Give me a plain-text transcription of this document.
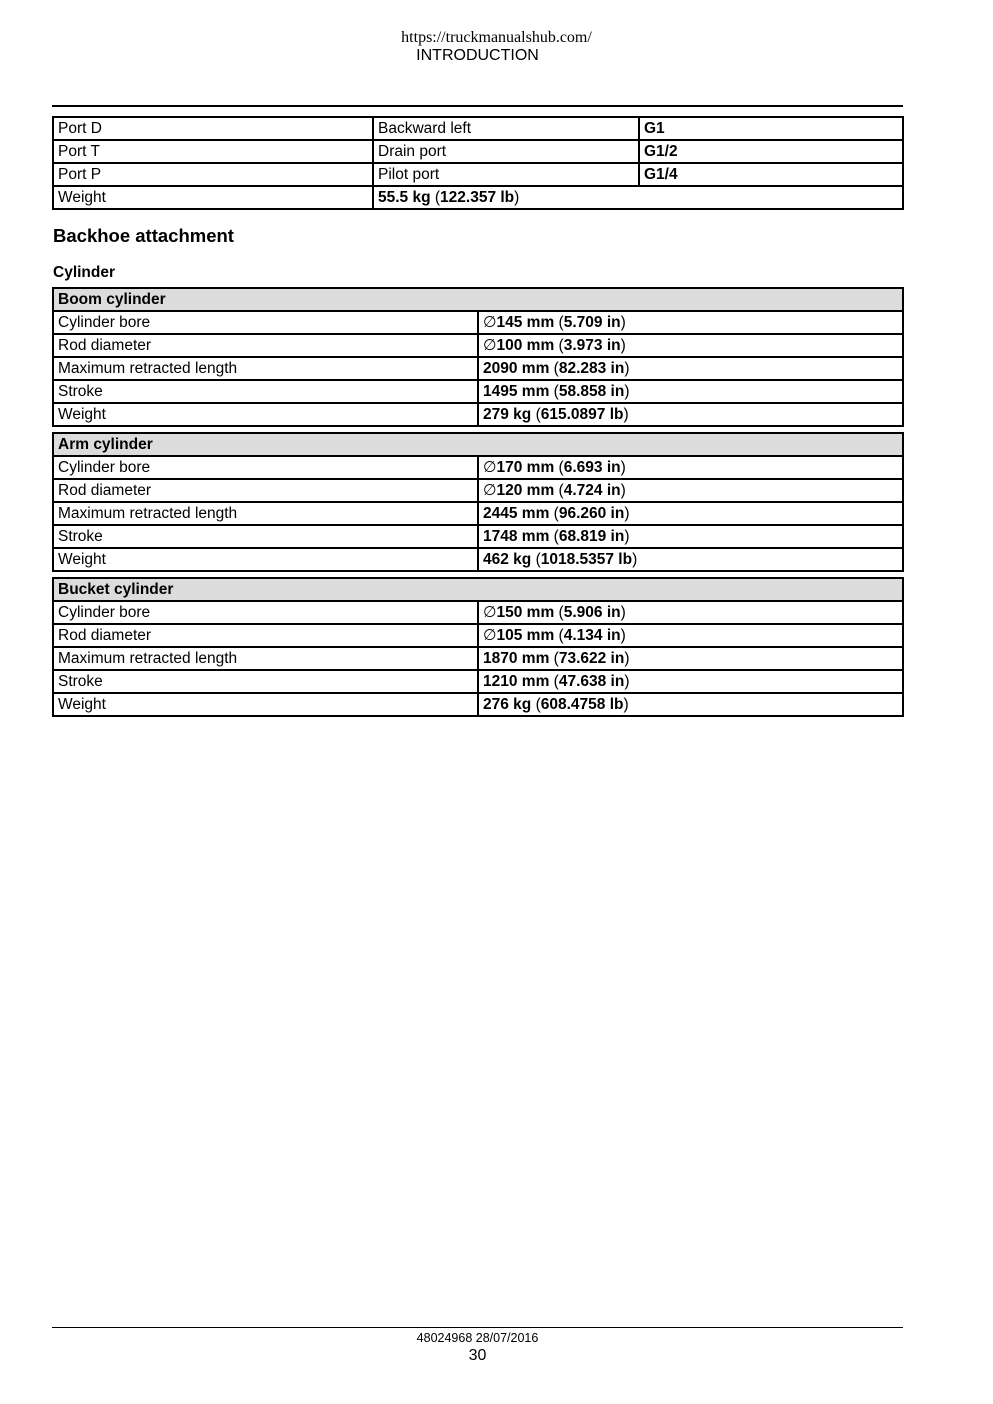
https://truckmanualshub.com/
INTRODUCTION
Port D	Backward left	G1
Port T	Drain port	G1/2
Port P	Pilot port	G1/4
Weight	55.5 kg (122.357 lb)	
Backhoe attachment
Cylinder
Boom cylinder	
Cylinder bore	∅145 mm (5.709 in)
Rod diameter	∅100 mm (3.973 in)
Maximum retracted length	2090 mm (82.283 in)
Stroke	1495 mm (58.858 in)
Weight	279 kg (615.0897 lb)
Arm cylinder	
Cylinder bore	∅170 mm (6.693 in)
Rod diameter	∅120 mm (4.724 in)
Maximum retracted length	2445 mm (96.260 in)
Stroke	1748 mm (68.819 in)
Weight	462 kg (1018.5357 lb)
Bucket cylinder	
Cylinder bore	∅150 mm (5.906 in)
Rod diameter	∅105 mm (4.134 in)
Maximum retracted length	1870 mm (73.622 in)
Stroke	1210 mm (47.638 in)
Weight	276 kg (608.4758 lb)
48024968 28/07/2016
30
